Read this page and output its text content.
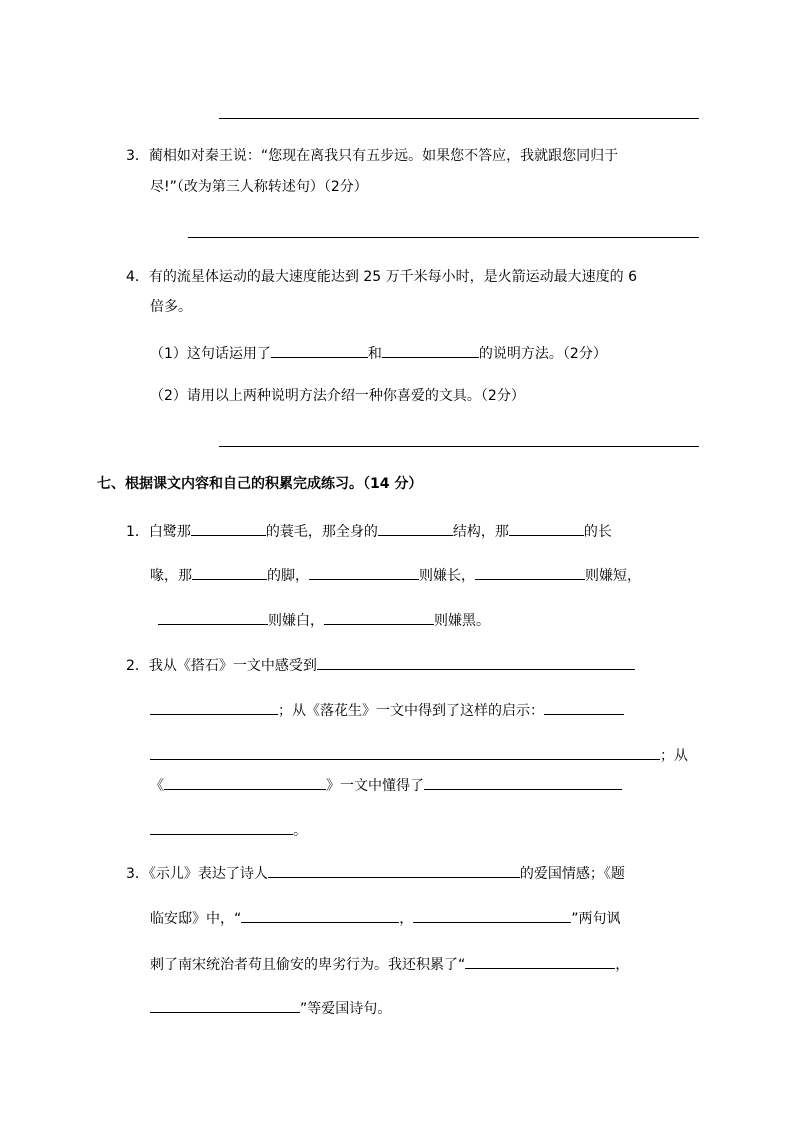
3．蔺相如对秦王说：“您现在离我只有五步远。如果您不答应，我就跟您同归于
尽!”（改为第三人称转述句）（2分）
4．有的流星体运动的最大速度能达到 25 万千米每小时，是火箭运动最大速度的 6
倍多。
（1）这句话运用了	和	的说明方法。（2分）
（2）请用以上两种说明方法介绍一种你喜爱的文具。（2分）
七、根据课文内容和自己的积累完成练习。（14 分）
1．白鹭那	的蓑毛，那全身的	结构，那	的长
喙，那	的脚，	则嫌长，	则嫌短，
则嫌白，	则嫌黑。
2．我从《搭石》一文中感受到
；从《落花生》一文中得到了这样的启示：
；从
《	》一文中懂得了
。
3．《示儿》表达了诗人	的爱国情感；《题
临安邸》中，“	，	”两句讽
刺了南宋统治者苟且偷安的卑劣行为。我还积累了“	，
”等爱国诗句。
